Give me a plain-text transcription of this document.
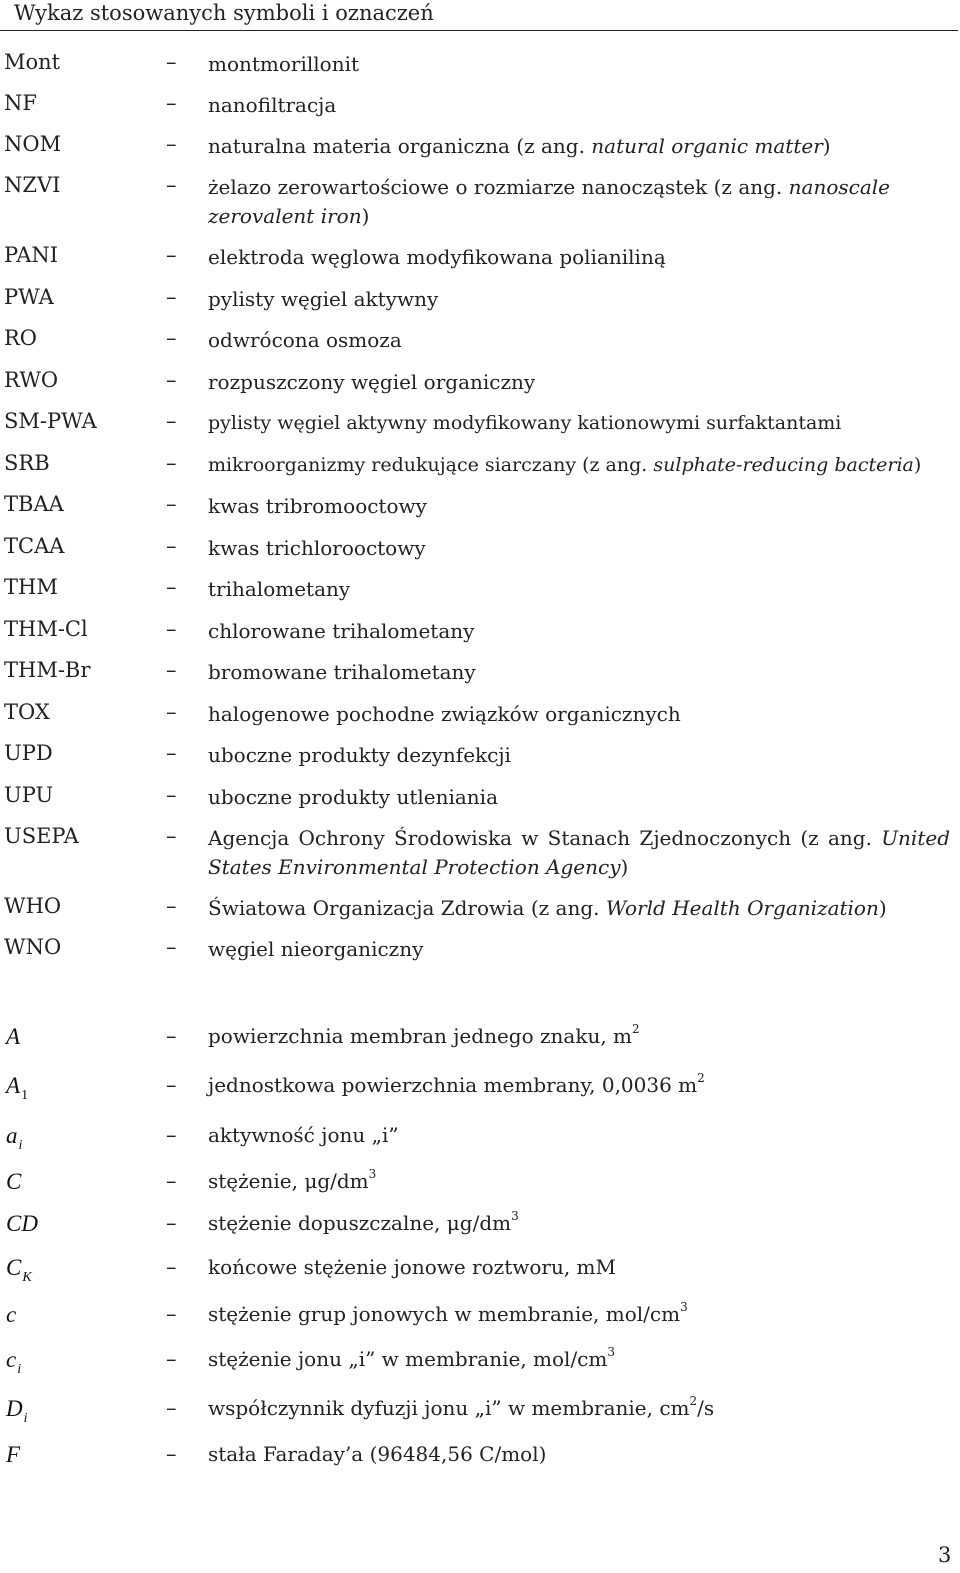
Wykaz stosowanych symboli i oznaczeń
Mont	– montmorillonit
NF	– nanofiltracja
NOM	– naturalna materia organiczna (z ang. natural organic matter)
NZVI	– żelazo zerowartościowe o rozmiarze nanocząstek (z ang. nanoscale zerovalent iron)
PANI	– elektroda węglowa modyfikowana polianiliną
PWA	– pylisty węgiel aktywny
RO	– odwrócona osmoza
RWO	– rozpuszczony węgiel organiczny
SM-PWA	– pylisty węgiel aktywny modyfikowany kationowymi surfaktantami
SRB	– mikroorganizmy redukujące siarczany (z ang. sulphate-reducing bacteria)
TBAA	– kwas tribromooctowy
TCAA	– kwas trichlorooctowy
THM	– trihalometany
THM-Cl	– chlorowane trihalometany
THM-Br	– bromowane trihalometany
TOX	– halogenowe pochodne związków organicznych
UPD	– uboczne produkty dezynfekcji
UPU	– uboczne produkty utleniania
USEPA	– Agencja Ochrony Środowiska w Stanach Zjednoczonych (z ang. United States Environmental Protection Agency)
WHO	– Światowa Organizacja Zdrowia (z ang. World Health Organization)
WNO	– węgiel nieorganiczny
A	– powierzchnia membran jednego znaku, $m^2$
$A_1$	– jednostkowa powierzchnia membrany, 0,0036 $m^2$
$a_i$	– aktywność jonu „i”
C	– stężenie, $\mu g/dm^3$
CD	– stężenie dopuszczalne, $\mu g/dm^3$
$C_K$	– końcowe stężenie jonowe roztworu, mM
c	– stężenie grup jonowych w membranie, mol/$cm^3$
$c_i$	– stężenie jonu „i” w membranie, mol/$cm^3$
$D_i$	– współczynnik dyfuzji jonu „i” w membranie, $cm^2/s$
F	– stała Faraday’a (96484,56 C/mol)
3
